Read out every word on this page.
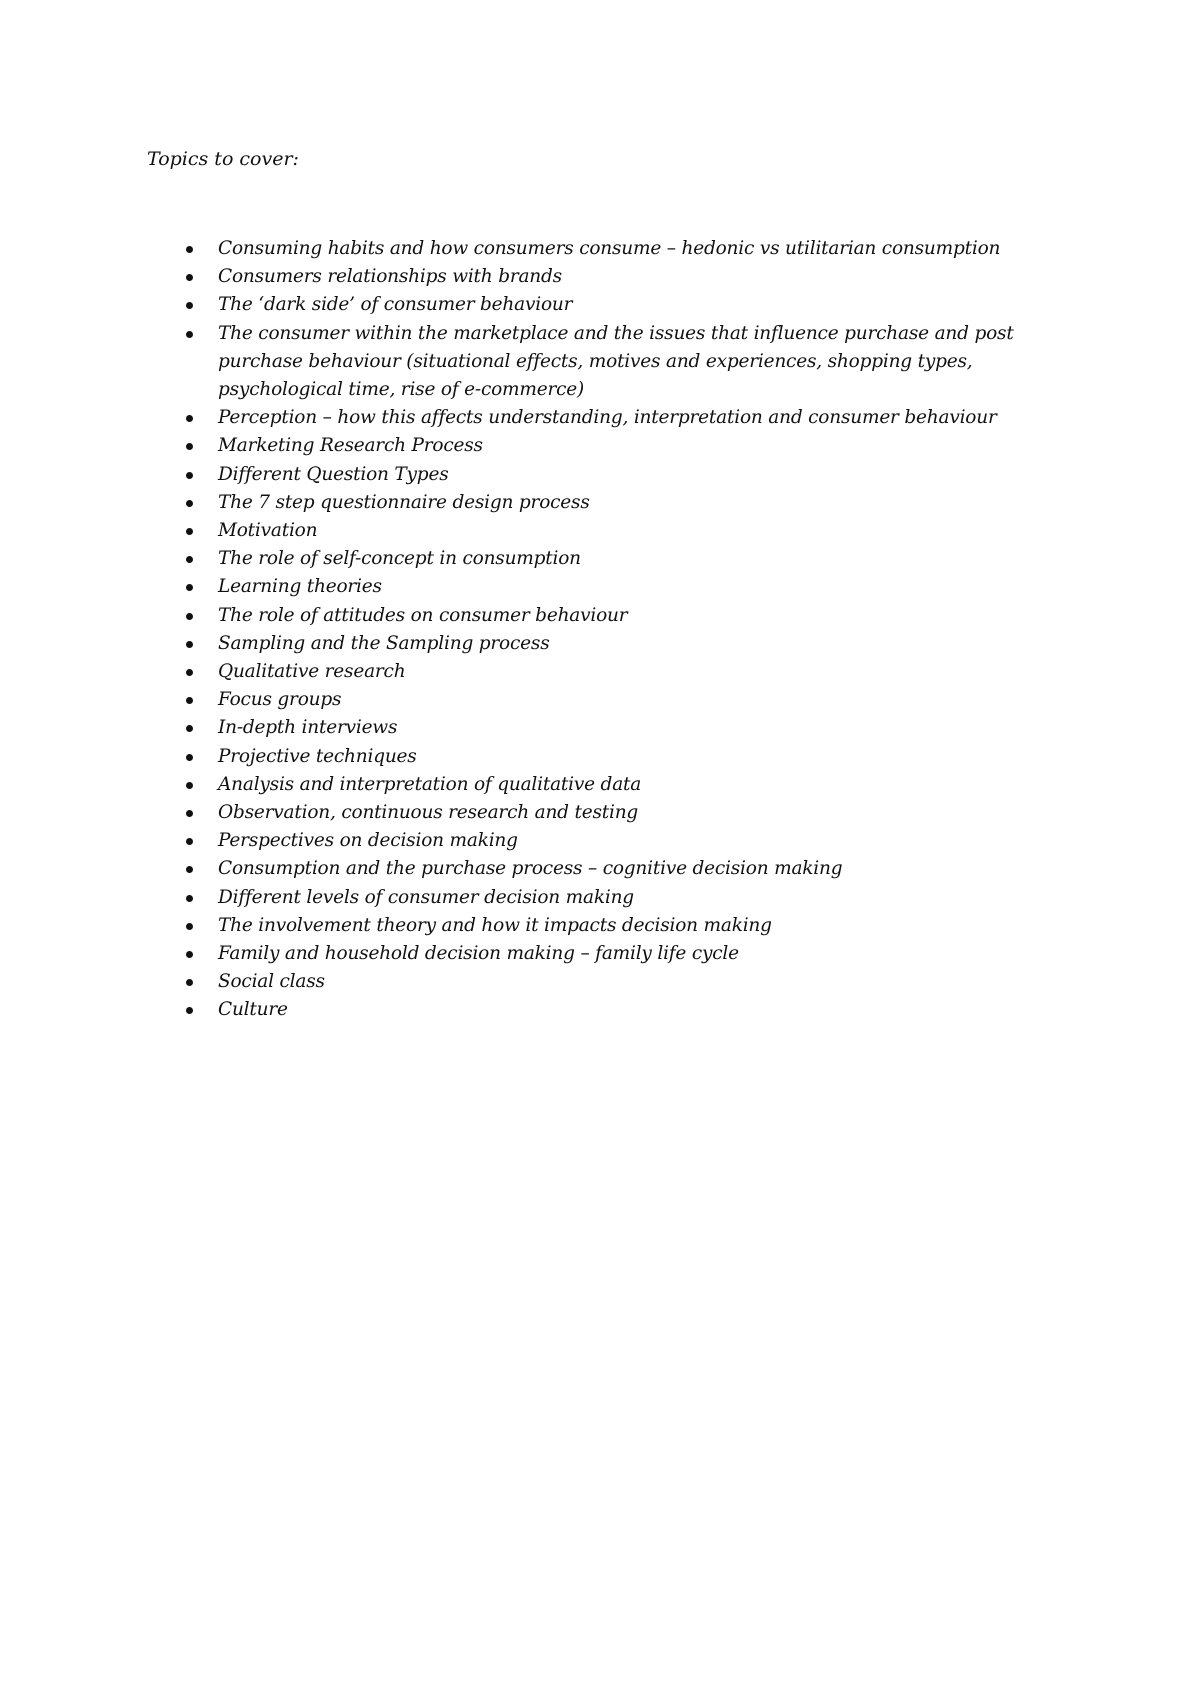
Topics to cover:

Consuming habits and how consumers consume – hedonic vs utilitarian consumption
Consumers relationships with brands
The ‘dark side’ of consumer behaviour
The consumer within the marketplace and the issues that influence purchase and post purchase behaviour (situational effects, motives and experiences, shopping types, psychological time, rise of e-commerce)
Perception – how this affects understanding, interpretation and consumer behaviour
Marketing Research Process
Different Question Types
The 7 step questionnaire design process
Motivation
The role of self-concept in consumption
Learning theories
The role of attitudes on consumer behaviour
Sampling and the Sampling process
Qualitative research
Focus groups
In-depth interviews
Projective techniques
Analysis and interpretation of qualitative data
Observation, continuous research and testing
Perspectives on decision making
Consumption and the purchase process – cognitive decision making
Different levels of consumer decision making
The involvement theory and how it impacts decision making
Family and household decision making – family life cycle
Social class
Culture
